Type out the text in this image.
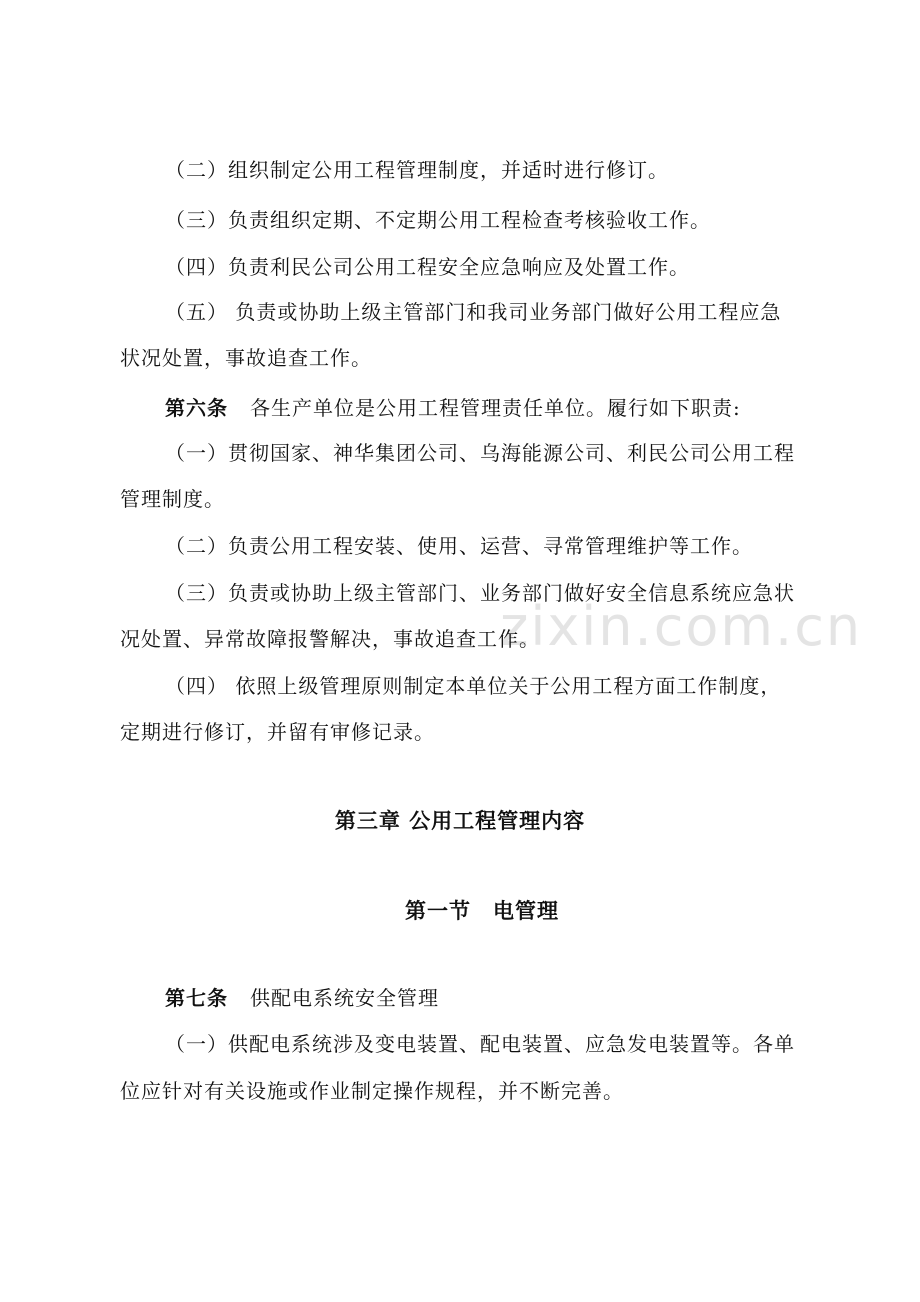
zixin.com.cn
（二）组织制定公用工程管理制度，并适时进行修订。
（三）负责组织定期、不定期公用工程检查考核验收工作。
（四）负责利民公司公用工程安全应急响应及处置工作。
（五） 负责或协助上级主管部门和我司业务部门做好公用工程应急
状况处置，事故追查工作。
第六条 各生产单位是公用工程管理责任单位。履行如下职责:
（一）贯彻国家、神华集团公司、乌海能源公司、利民公司公用工程
管理制度。
（二）负责公用工程安装、使用、运营、寻常管理维护等工作。
（三）负责或协助上级主管部门、业务部门做好安全信息系统应急状
况处置、异常故障报警解决，事故追查工作。
（四） 依照上级管理原则制定本单位关于公用工程方面工作制度，
定期进行修订，并留有审修记录。
第三章 公用工程管理内容
第一节　电管理
第七条 供配电系统安全管理
（一）供配电系统涉及变电装置、配电装置、应急发电装置等。各单
位应针对有关设施或作业制定操作规程，并不断完善。
